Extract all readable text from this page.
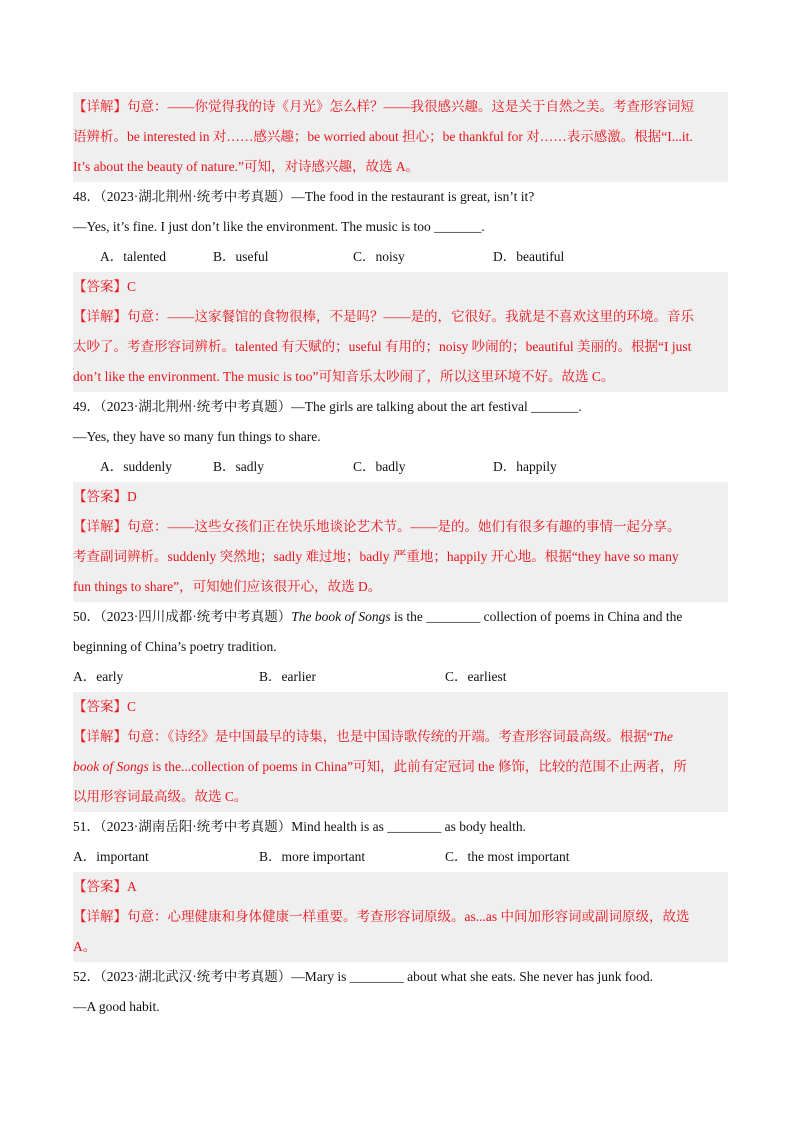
【详解】句意：——你觉得我的诗《月光》怎么样？——我很感兴趣。这是关于自然之美。考查形容词短
语辨析。be interested in 对……感兴趣；be worried about 担心；be thankful for 对……表示感激。根据“I...it.
It’s about the beauty of nature.”可知，对诗感兴趣，故选 A。
48．（2023·湖北荆州·统考中考真题）—The food in the restaurant is great, isn’t it?
—Yes, it’s fine. I just don’t like the environment. The music is too _______.
A．talented	B．useful	C．noisy	D．beautiful
【答案】C
【详解】句意：——这家餐馆的食物很棒，不是吗？——是的，它很好。我就是不喜欢这里的环境。音乐
太吵了。考查形容词辨析。talented 有天赋的；useful 有用的；noisy 吵闹的；beautiful 美丽的。根据“I just
don’t like the environment. The music is too”可知音乐太吵闹了，所以这里环境不好。故选 C。
49．（2023·湖北荆州·统考中考真题）—The girls are talking about the art festival _______.
—Yes, they have so many fun things to share.
A．suddenly	B．sadly	C．badly	D．happily
【答案】D
【详解】句意：——这些女孩们正在快乐地谈论艺术节。——是的。她们有很多有趣的事情一起分享。
考查副词辨析。suddenly 突然地；sadly 难过地；badly 严重地；happily 开心地。根据“they have so many
fun things to share”，可知她们应该很开心，故选 D。
50．（2023·四川成都·统考中考真题）The book of Songs is the ________ collection of poems in China and the
beginning of China’s poetry tradition.
A．early	B．earlier	C．earliest
【答案】C
【详解】句意：《诗经》是中国最早的诗集，也是中国诗歌传统的开端。考查形容词最高级。根据“The
book of Songs is the...collection of poems in China”可知，此前有定冠词 the 修饰，比较的范围不止两者，所
以用形容词最高级。故选 C。
51．（2023·湖南岳阳·统考中考真题）Mind health is as ________ as body health.
A．important	B．more important	C．the most important
【答案】A
【详解】句意：心理健康和身体健康一样重要。考查形容词原级。as...as 中间加形容词或副词原级，故选
A。
52．（2023·湖北武汉·统考中考真题）—Mary is ________ about what she eats. She never has junk food.
—A good habit.
